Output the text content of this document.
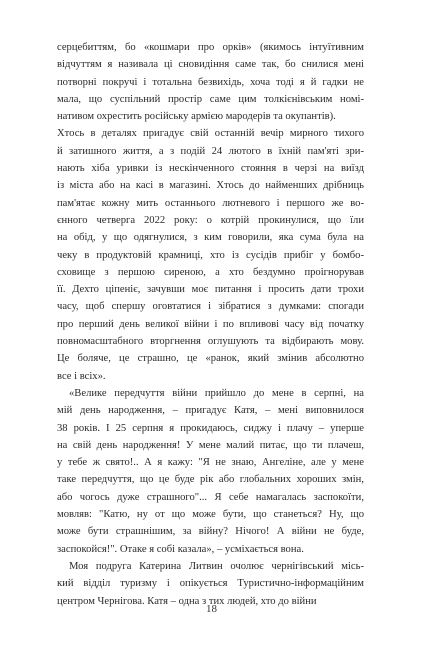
серцебиттям, бо «кошмари про орків» (якимось інтуїтивним
відчуттям я називала ці сновидіння саме так, бо снилися мені
потворні покручі і тотальна безвихідь, хоча тоді я й гадки не
мала, що суспільний простір саме цим толкієнівським номі-
нативом охрестить російську армією мародерів та окупантів).

Хтось в деталях пригадує свій останній вечір мирного тихого
й затишного життя, а з подій 24 лютого в їхній пам'яті зри-
нають хіба уривки із нескінченного стояння в черзі на виїзд
із міста або на касі в магазині. Хтось до найменших дрібниць
пам'ятає кожну мить останнього лютневого і першого же во-
єнного четверга 2022 року: о котрій прокинулися, що їли
на обід, у що одягнулися, з ким говорили, яка сума була на
чеку в продуктовій крамниці, хто із сусідів прибіг у бомбо-
сховище з першою сиреною, а хто бездумно проігнорував
її. Дехто ціпеніє, зачувши моє питання і просить дати трохи
часу, щоб спершу оговтатися і зібратися з думками: спогади
про перший день великої війни і по впливові часу від початку
повномасштабного вторгнення оглушують та відбирають мову.
Це боляче, це страшно, це «ранок, який змінив абсолютно
все і всіх».

«Велике передчуття війни прийшло до мене в серпні, на
мій день народження, – пригадує Катя, – мені виповнилося
38 років. І 25 серпня я прокидаюсь, сиджу і плачу – уперше
на свій день народження! У мене малий питає, що ти плачеш,
у тебе ж свято!.. А я кажу: "Я не знаю, Ангеліне, але у мене
таке передчуття, що це буде рік або глобальних хороших змін,
або чогось дуже страшного"... Я себе намагалась заспокоїти,
мовляв: "Катю, ну от що може бути, що станеться? Ну, що
може бути страшнішим, за війну? Нічого! А війни не буде,
заспокойся!". Отаке я собі казала», – усміхається вона.

Моя подруга Катерина Литвин очолює чернігівський місь-
кий відділ туризму і опікується Туристично-інформаційним
центром Чернігова. Катя – одна з тих людей, хто до війни

18
